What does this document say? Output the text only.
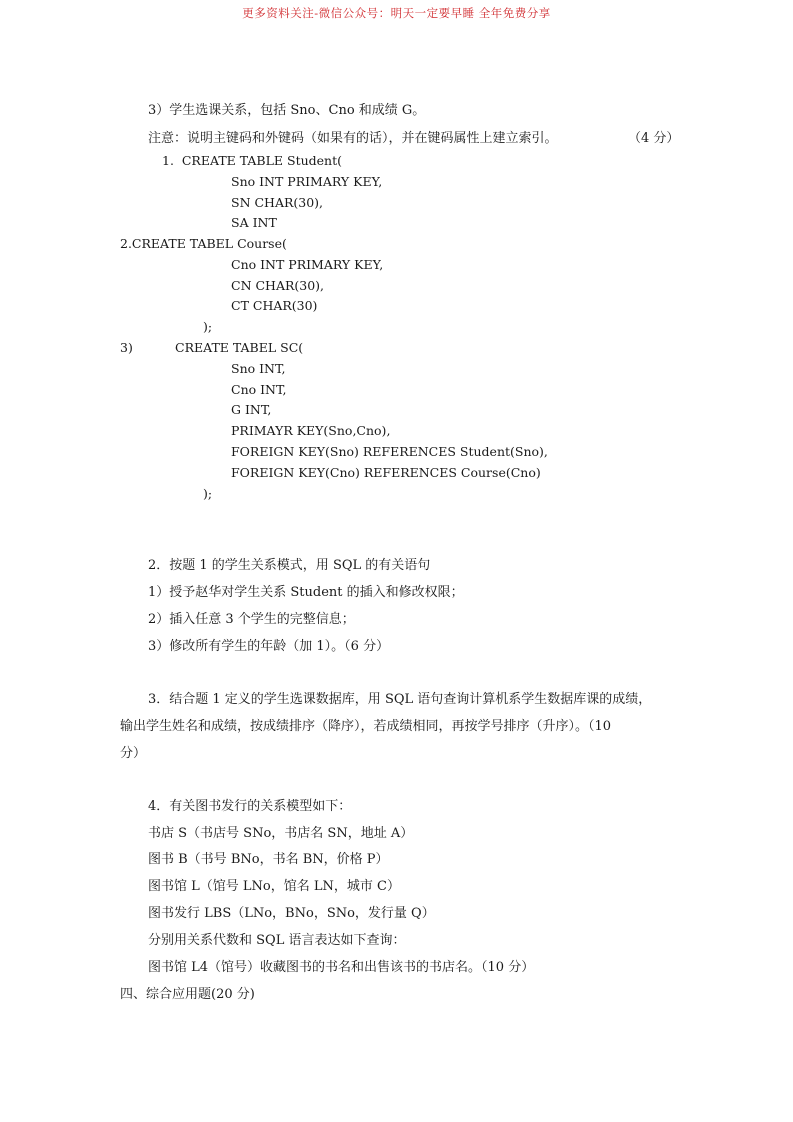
更多资料关注-微信公众号：明天一定要早睡 全年免费分享
3）学生选课关系，包括 Sno、Cno 和成绩 G。
注意：说明主键码和外键码（如果有的话），并在键码属性上建立索引。	（4 分）
1.  CREATE TABLE Student(
Sno INT PRIMARY KEY,
SN CHAR(30),
SA INT
2.CREATE TABEL Course(
Cno INT PRIMARY KEY,
CN CHAR(30),
CT CHAR(30)
);
3)	CREATE TABEL SC(
Sno INT,
Cno INT,
G INT,
PRIMAYR KEY(Sno,Cno),
FOREIGN KEY(Sno) REFERENCES Student(Sno),
FOREIGN KEY(Cno) REFERENCES Course(Cno)
);
2．按题 1 的学生关系模式，用 SQL 的有关语句
1）授予赵华对学生关系 Student 的插入和修改权限；
2）插入任意 3 个学生的完整信息；
3）修改所有学生的年龄（加 1）。（6 分）
3．结合题 1 定义的学生选课数据库，用 SQL 语句查询计算机系学生数据库课的成绩，
输出学生姓名和成绩，按成绩排序（降序），若成绩相同，再按学号排序（升序）。（10
分）
4．有关图书发行的关系模型如下：
书店 S（书店号 SNo，书店名 SN，地址 A）
图书 B（书号 BNo，书名 BN，价格 P）
图书馆 L（馆号 LNo，馆名 LN，城市 C）
图书发行 LBS（LNo，BNo，SNo，发行量 Q）
分别用关系代数和 SQL 语言表达如下查询：
图书馆 L4（馆号）收藏图书的书名和出售该书的书店名。（10 分）
四、综合应用题(20 分)
